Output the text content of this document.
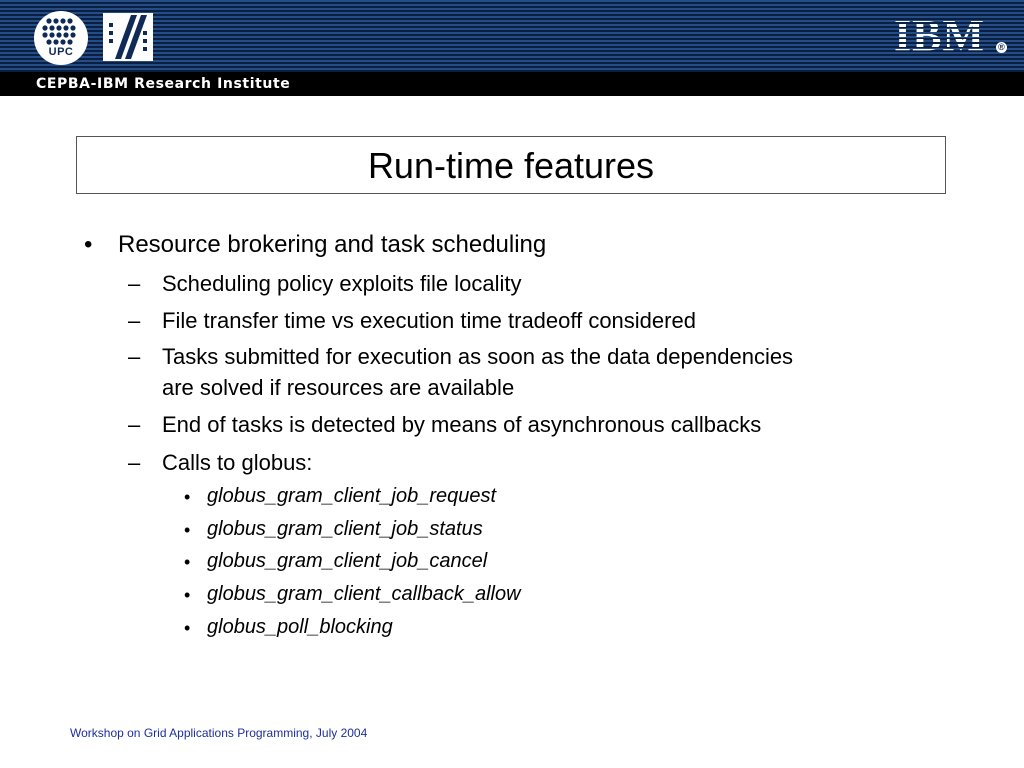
UPC	IBM ®
CEPBA-IBM Research Institute
Run-time features
• Resource brokering and task scheduling
– Scheduling policy exploits file locality
– File transfer time vs execution time tradeoff considered
– Tasks submitted for execution as soon as the data dependencies
are solved if resources are available
– End of tasks is detected by means of asynchronous callbacks
– Calls to globus:
• globus_gram_client_job_request
• globus_gram_client_job_status
• globus_gram_client_job_cancel
• globus_gram_client_callback_allow
• globus_poll_blocking
Workshop on Grid Applications Programming, July 2004
